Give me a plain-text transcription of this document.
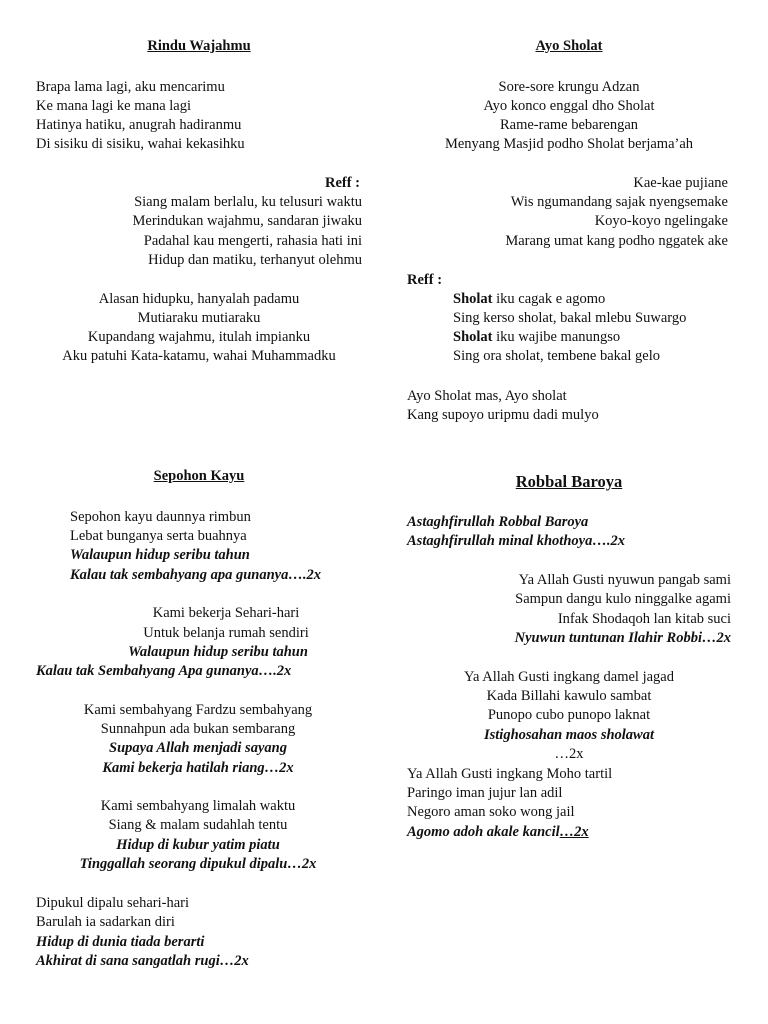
Rindu Wajahmu
Brapa lama lagi, aku mencarimu
Ke mana lagi ke mana lagi
Hatinya hatiku, anugrah hadiranmu
Di sisiku di sisiku, wahai kekasihku
Reff :
Siang malam berlalu, ku telusuri waktu
Merindukan wajahmu, sandaran jiwaku
Padahal kau mengerti, rahasia hati ini
Hidup dan matiku, terhanyut olehmu
Alasan hidupku, hanyalah padamu
Mutiaraku mutiaraku
Kupandang wajahmu, itulah impianku
Aku patuhi Kata-katamu, wahai Muhammadku
Ayo Sholat
Sore-sore krungu Adzan
Ayo konco enggal dho Sholat
Rame-rame bebarengan
Menyang Masjid podho Sholat berjama’ah
Kae-kae pujiane
Wis ngumandang sajak nyengsemake
Koyo-koyo ngelingake
Marang umat kang podho nggatek ake
Reff :
Sholat iku cagak e agomo
Sing kerso sholat, bakal mlebu Suwargo
Sholat iku wajibe manungso
Sing ora sholat, tembene bakal gelo
Ayo Sholat mas, Ayo sholat
Kang supoyo uripmu dadi mulyo
Sepohon Kayu
Sepohon kayu daunnya rimbun
Lebat bunganya serta buahnya
Walaupun hidup seribu tahun
Kalau tak sembahyang apa gunanya….2x
Kami bekerja Sehari-hari
Untuk belanja rumah sendiri
Walaupun hidup seribu tahun
Kalau tak Sembahyang Apa gunanya….2x
Kami sembahyang Fardzu sembahyang
Sunnahpun ada bukan sembarang
Supaya Allah menjadi sayang
Kami bekerja hatilah riang…2x
Kami sembahyang limalah waktu
Siang & malam sudahlah tentu
Hidup di kubur yatim piatu
Tinggallah seorang dipukul dipalu…2x
Dipukul dipalu sehari-hari
Barulah ia sadarkan diri
Hidup di dunia tiada berarti
Akhirat di sana sangatlah rugi…2x
Robbal Baroya
Astaghfirullah Robbal Baroya
Astaghfirullah minal khothoya….2x
Ya Allah Gusti nyuwun pangab sami
Sampun dangu kulo ninggalke agami
Infak Shodaqoh lan kitab suci
Nyuwun tuntunan Ilahir Robbi…2x
Ya Allah Gusti ingkang damel jagad
Kada Billahi kawulo sambat
Punopo cubo punopo laknat
Istighosahan maos sholawat
…2x
Ya Allah Gusti ingkang Moho tartil
Paringo iman jujur lan adil
Negoro aman soko wong jail
Agomo adoh akale kancil…2x
